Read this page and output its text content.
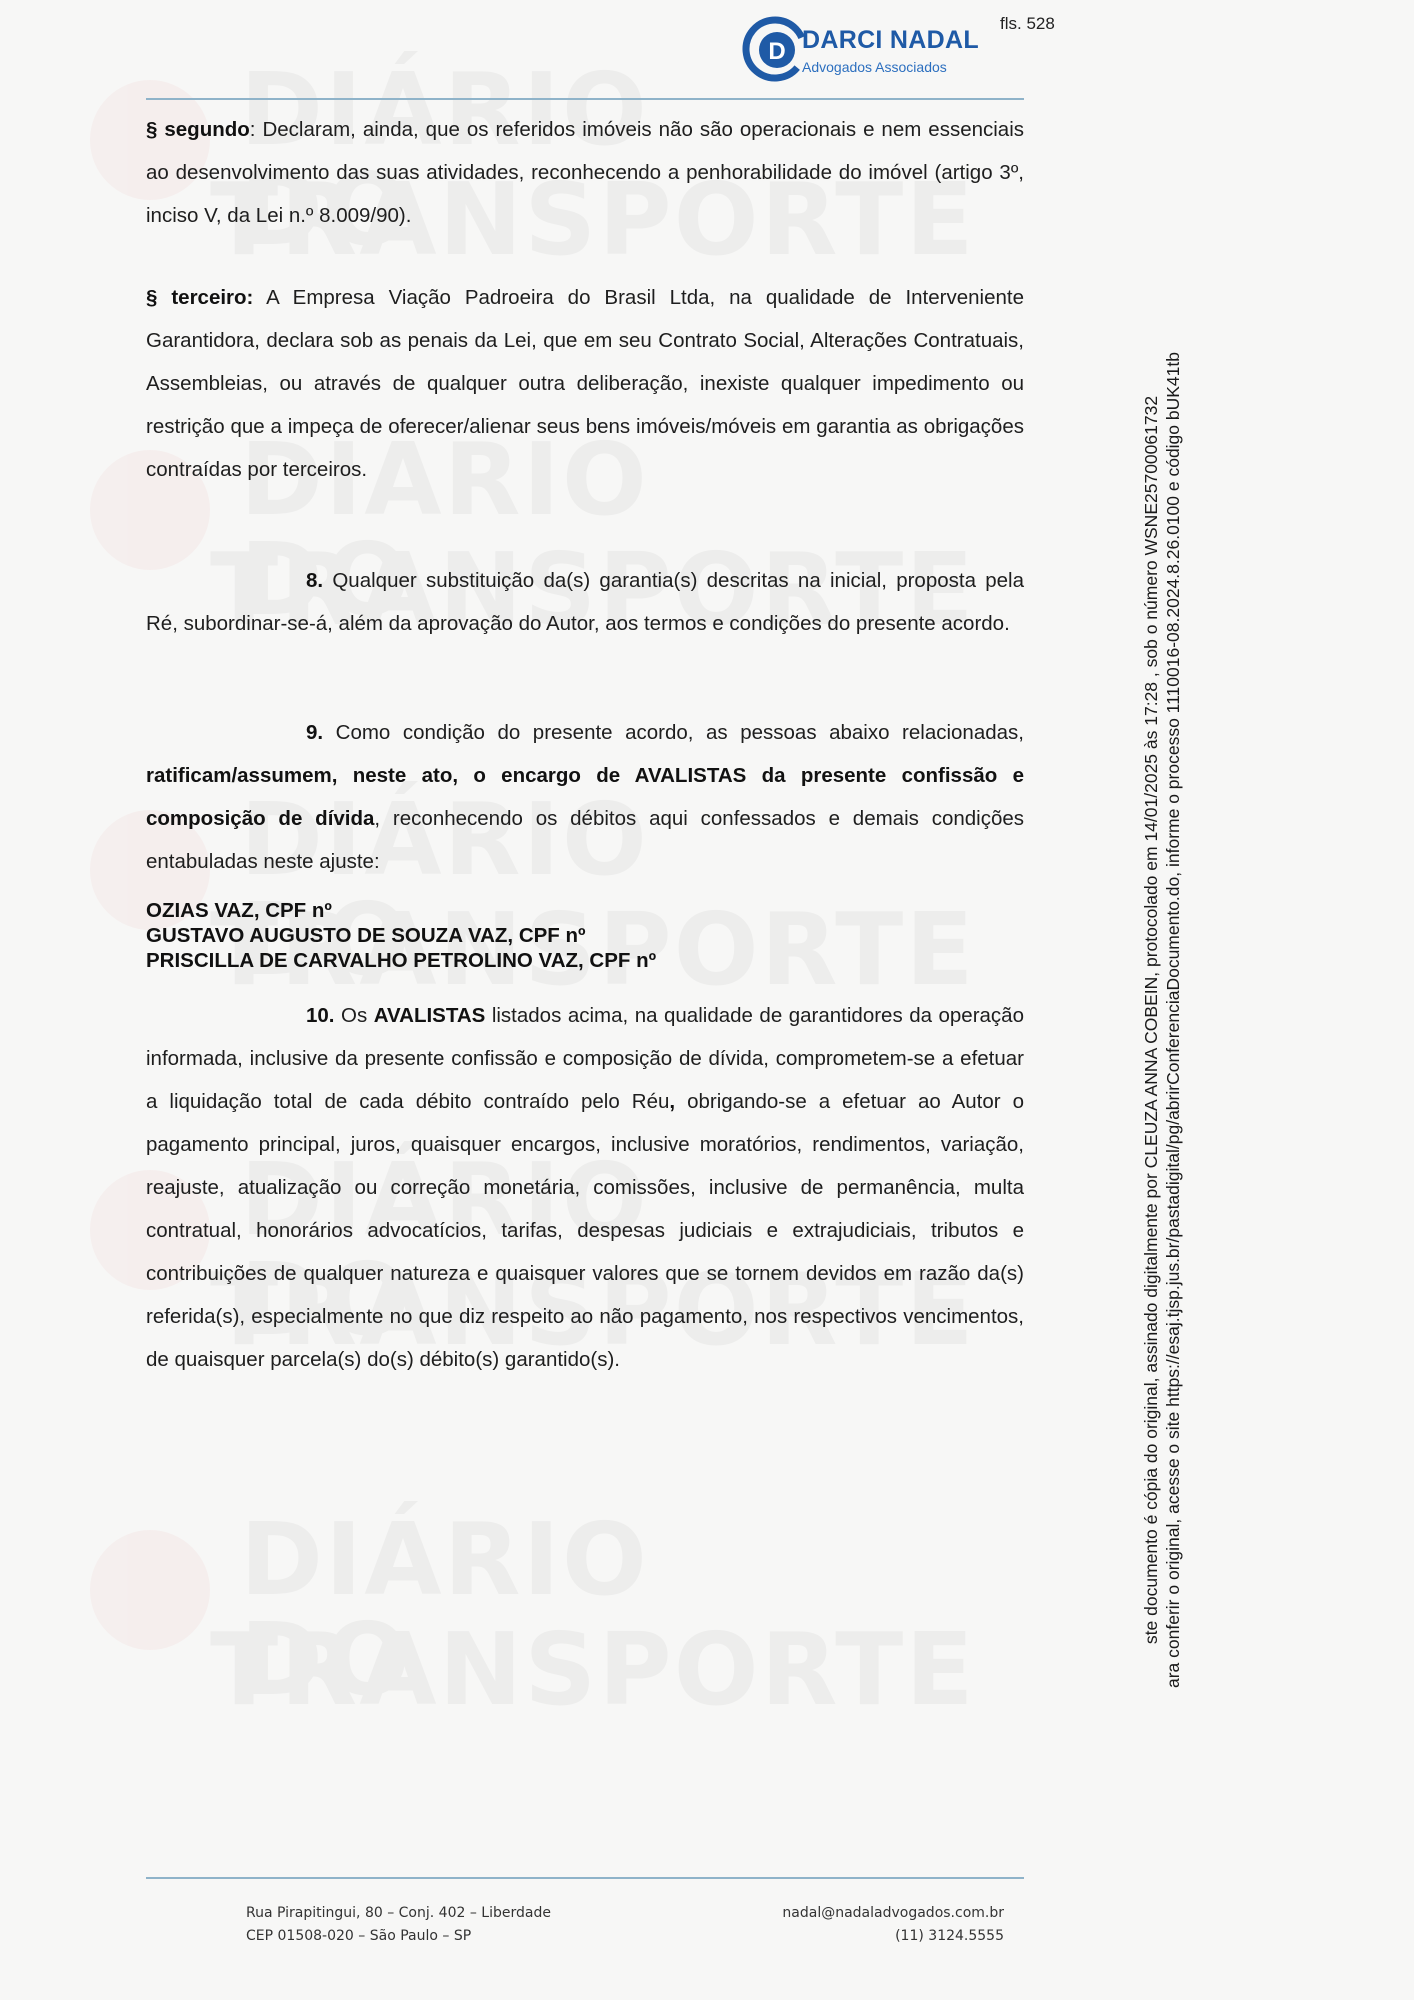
D DARCI NADAL
Advogados Associados
fls. 528
§ segundo: Declaram, ainda, que os referidos imóveis não são operacionais e nem essenciais ao desenvolvimento das suas atividades, reconhecendo a penhorabilidade do imóvel (artigo 3º, inciso V, da Lei n.º 8.009/90).
§ terceiro: A Empresa Viação Padroeira do Brasil Ltda, na qualidade de Interveniente Garantidora, declara sob as penais da Lei, que em seu Contrato Social, Alterações Contratuais, Assembleias, ou através de qualquer outra deliberação, inexiste qualquer impedimento ou restrição que a impeça de oferecer/alienar seus bens imóveis/móveis em garantia as obrigações contraídas por terceiros.
8. Qualquer substituição da(s) garantia(s) descritas na inicial, proposta pela Ré, subordinar-se-á, além da aprovação do Autor, aos termos e condições do presente acordo.
9. Como condição do presente acordo, as pessoas abaixo relacionadas, ratificam/assumem, neste ato, o encargo de AVALISTAS da presente confissão e composição de dívida, reconhecendo os débitos aqui confessados e demais condições entabuladas neste ajuste:
OZIAS VAZ, CPF nº
GUSTAVO AUGUSTO DE SOUZA VAZ, CPF nº
PRISCILLA DE CARVALHO PETROLINO VAZ, CPF nº
10. Os AVALISTAS listados acima, na qualidade de garantidores da operação informada, inclusive da presente confissão e composição de dívida, comprometem-se a efetuar a liquidação total de cada débito contraído pelo Réu, obrigando-se a efetuar ao Autor o pagamento principal, juros, quaisquer encargos, inclusive moratórios, rendimentos, variação, reajuste, atualização ou correção monetária, comissões, inclusive de permanência, multa contratual, honorários advocatícios, tarifas, despesas judiciais e extrajudiciais, tributos e contribuições de qualquer natureza e quaisquer valores que se tornem devidos em razão da(s) referida(s), especialmente no que diz respeito ao não pagamento, nos respectivos vencimentos, de quaisquer parcela(s) do(s) débito(s) garantido(s).
Rua Pirapitingui, 80 – Conj. 402 – Liberdade
CEP 01508-020 – São Paulo – SP
nadal@nadaladvogados.com.br
(11) 3124.5555
ste documento é cópia do original, assinado digitalmente por CLEUZA ANNA COBEIN, protocolado em 14/01/2025 às 17:28 , sob o número WSNE25700061732 ara conferir o original, acesse o site https://esaj.tjsp.jus.br/pastadigital/pg/abrirConferenciaDocumento.do, informe o processo 1110016-08.2024.8.26.0100 e código bUK41tb
